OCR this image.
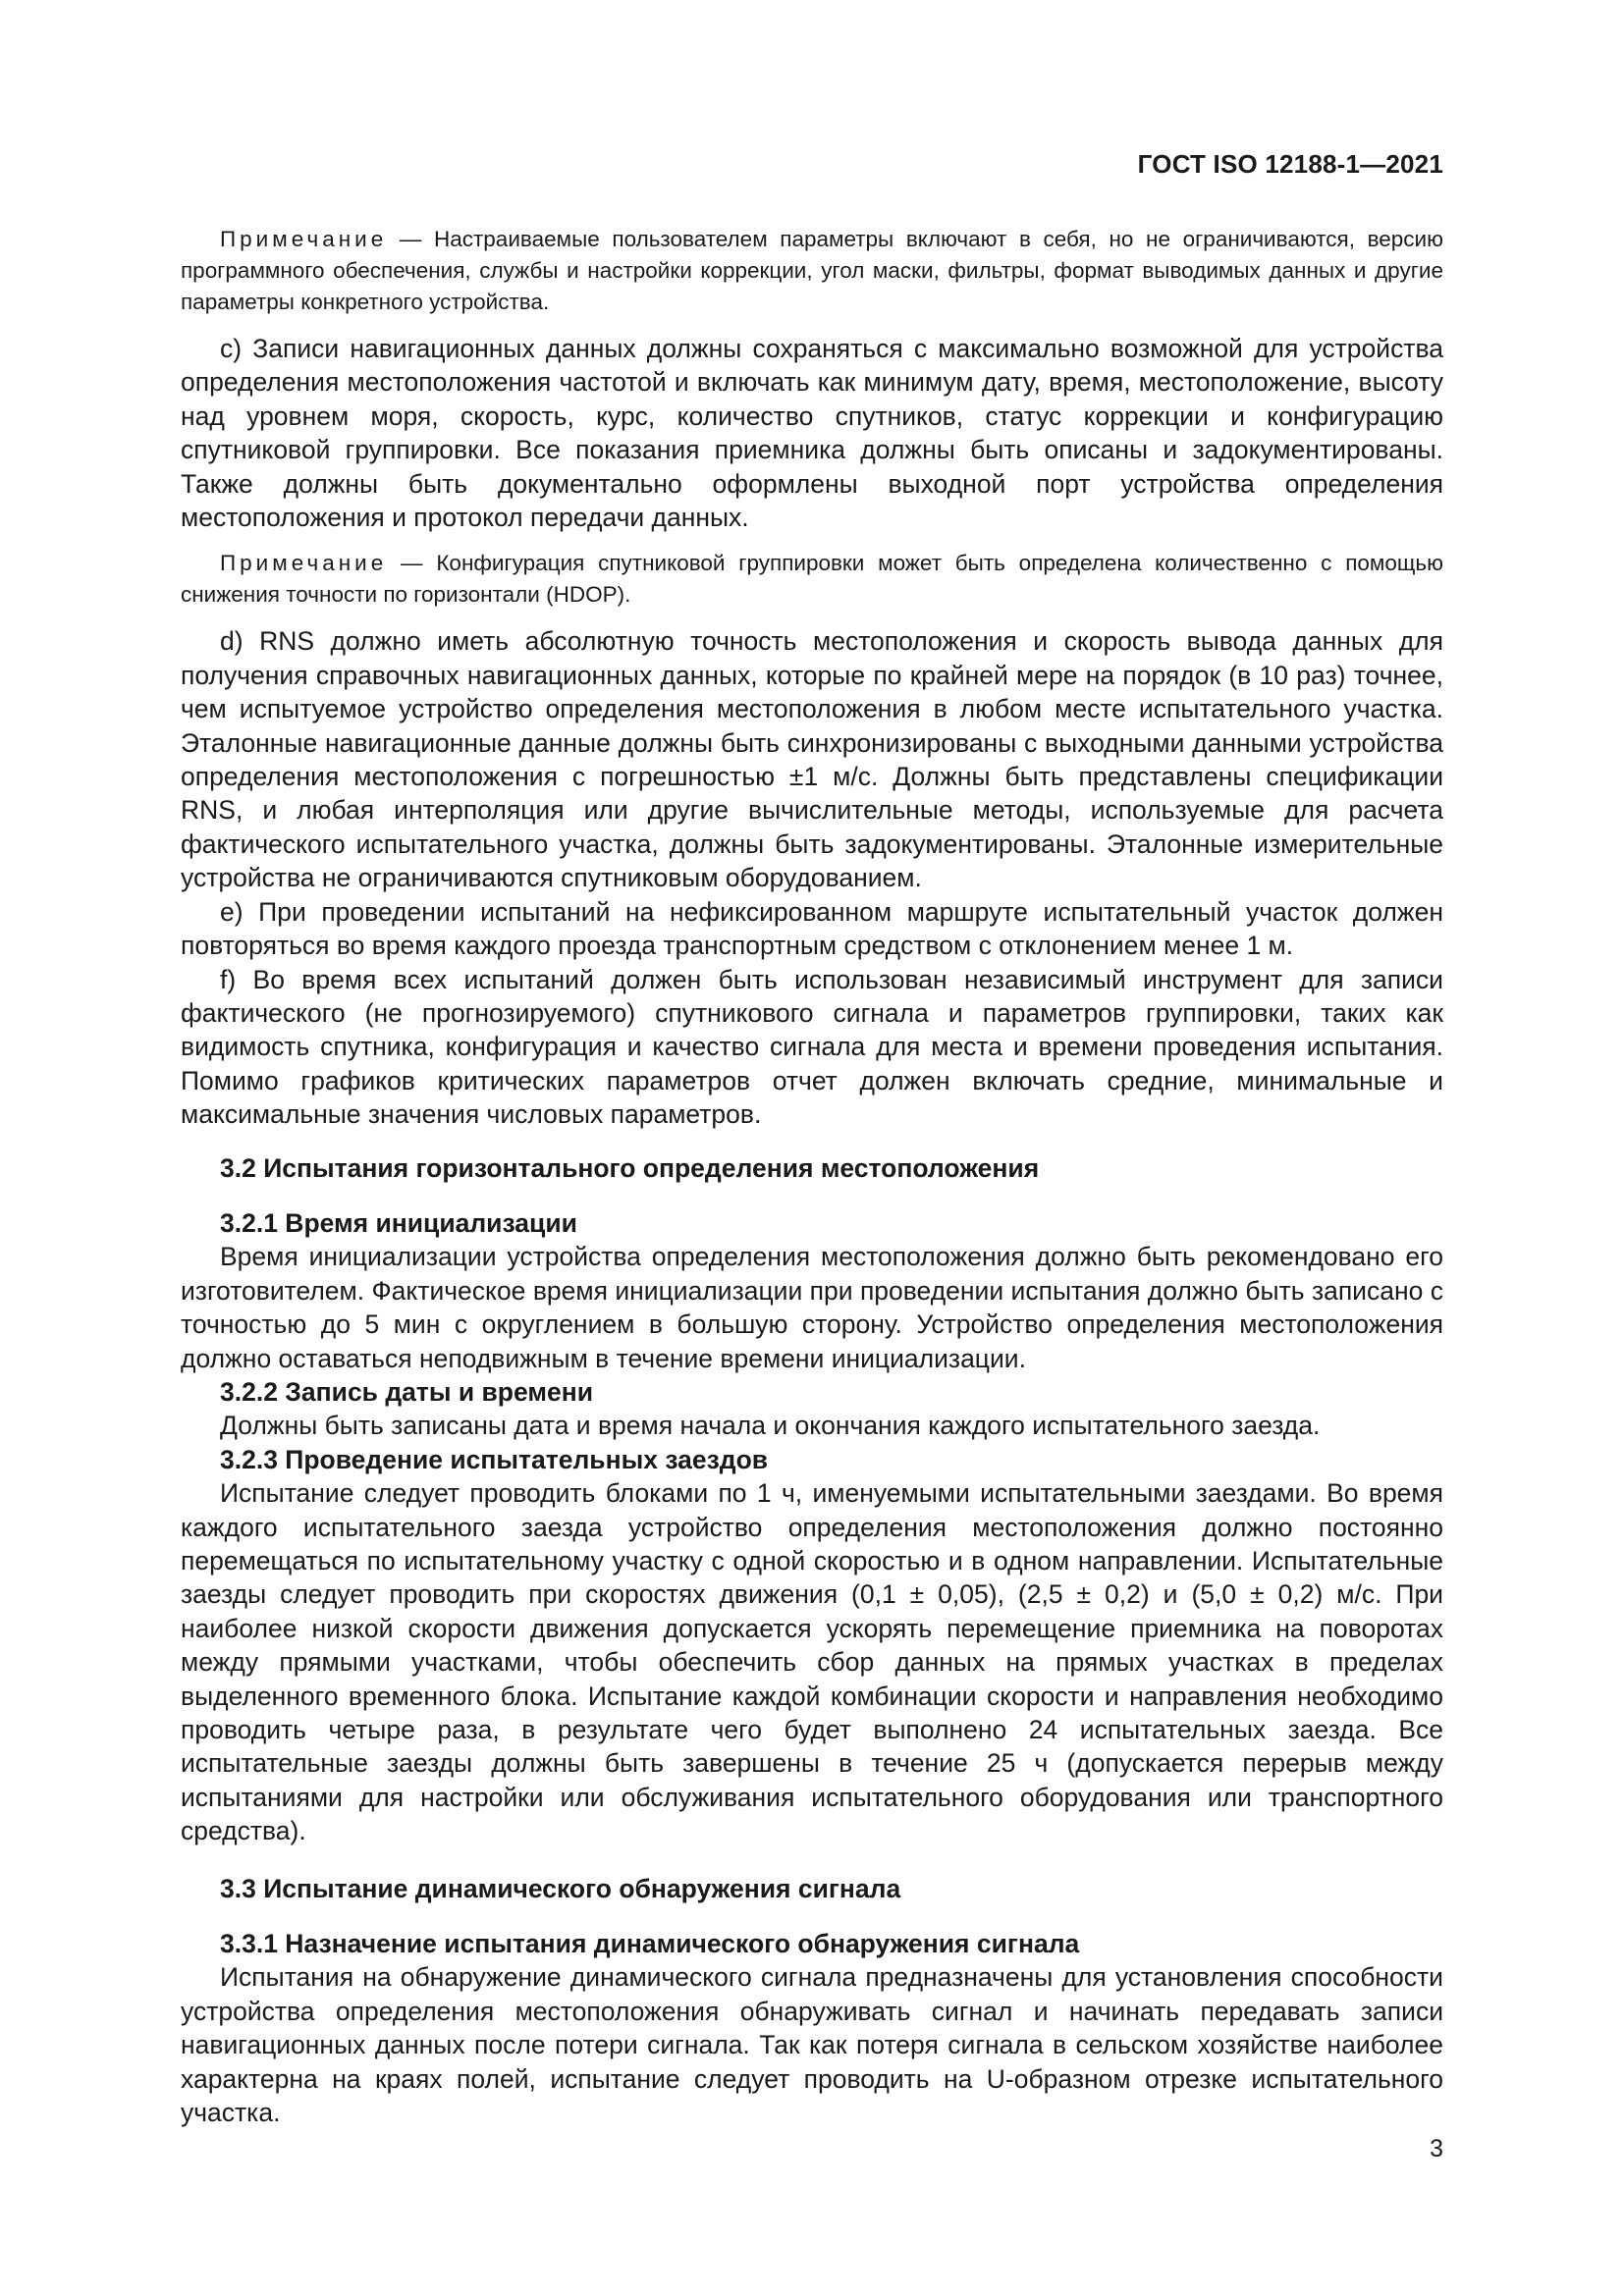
ГОСТ ISO 12188-1—2021

Примечание — Настраиваемые пользователем параметры включают в себя, но не ограничиваются, версию программного обеспечения, службы и настройки коррекции, угол маски, фильтры, формат выводимых данных и другие параметры конкретного устройства.

c) Записи навигационных данных должны сохраняться с максимально возможной для устройства определения местоположения частотой и включать как минимум дату, время, местоположение, высоту над уровнем моря, скорость, курс, количество спутников, статус коррекции и конфигурацию спутниковой группировки. Все показания приемника должны быть описаны и задокументированы. Также должны быть документально оформлены выходной порт устройства определения местоположения и протокол передачи данных.

Примечание — Конфигурация спутниковой группировки может быть определена количественно с помощью снижения точности по горизонтали (HDOP).

d) RNS должно иметь абсолютную точность местоположения и скорость вывода данных для получения справочных навигационных данных, которые по крайней мере на порядок (в 10 раз) точнее, чем испытуемое устройство определения местоположения в любом месте испытательного участка. Эталонные навигационные данные должны быть синхронизированы с выходными данными устройства определения местоположения с погрешностью ±1 м/с. Должны быть представлены спецификации RNS, и любая интерполяция или другие вычислительные методы, используемые для расчета фактического испытательного участка, должны быть задокументированы. Эталонные измерительные устройства не ограничиваются спутниковым оборудованием.

e) При проведении испытаний на нефиксированном маршруте испытательный участок должен повторяться во время каждого проезда транспортным средством с отклонением менее 1 м.

f) Во время всех испытаний должен быть использован независимый инструмент для записи фактического (не прогнозируемого) спутникового сигнала и параметров группировки, таких как видимость спутника, конфигурация и качество сигнала для места и времени проведения испытания. Помимо графиков критических параметров отчет должен включать средние, минимальные и максимальные значения числовых параметров.

3.2 Испытания горизонтального определения местоположения
3.2.1 Время инициализации

Время инициализации устройства определения местоположения должно быть рекомендовано его изготовителем. Фактическое время инициализации при проведении испытания должно быть записано с точностью до 5 мин с округлением в большую сторону. Устройство определения местоположения должно оставаться неподвижным в течение времени инициализации.

3.2.2 Запись даты и времени

Должны быть записаны дата и время начала и окончания каждого испытательного заезда.

3.2.3 Проведение испытательных заездов

Испытание следует проводить блоками по 1 ч, именуемыми испытательными заездами. Во время каждого испытательного заезда устройство определения местоположения должно постоянно перемещаться по испытательному участку с одной скоростью и в одном направлении. Испытательные заезды следует проводить при скоростях движения (0,1 ± 0,05), (2,5 ± 0,2) и (5,0 ± 0,2) м/с. При наиболее низкой скорости движения допускается ускорять перемещение приемника на поворотах между прямыми участками, чтобы обеспечить сбор данных на прямых участках в пределах выделенного временного блока. Испытание каждой комбинации скорости и направления необходимо проводить четыре раза, в результате чего будет выполнено 24 испытательных заезда. Все испытательные заезды должны быть завершены в течение 25 ч (допускается перерыв между испытаниями для настройки или обслуживания испытательного оборудования или транспортного средства).

3.3 Испытание динамического обнаружения сигнала
3.3.1 Назначение испытания динамического обнаружения сигнала

Испытания на обнаружение динамического сигнала предназначены для установления способности устройства определения местоположения обнаруживать сигнал и начинать передавать записи навигационных данных после потери сигнала. Так как потеря сигнала в сельском хозяйстве наиболее характерна на краях полей, испытание следует проводить на U-образном отрезке испытательного участка.

3
